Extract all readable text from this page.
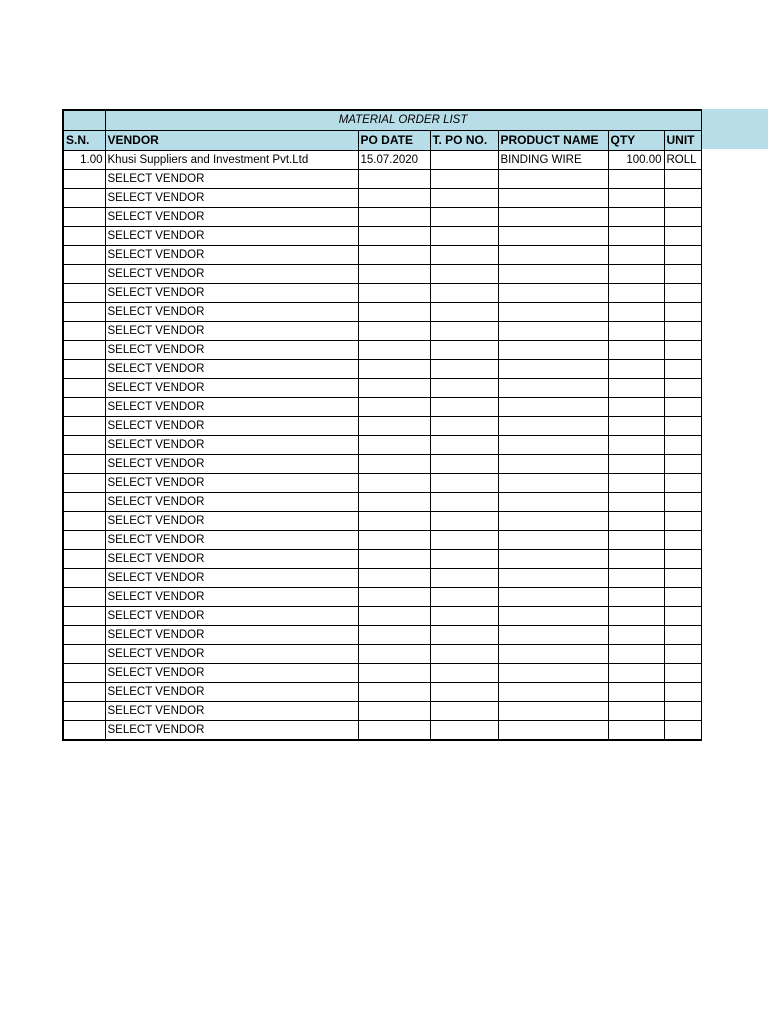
	MATERIAL ORDER LIST					
S.N.	VENDOR	PO DATE	T. PO NO.	PRODUCT NAME	QTY	UNIT
1.00	Khusi Suppliers and Investment Pvt.Ltd	15.07.2020		BINDING WIRE	100.00	ROLL
	SELECT VENDOR					
	SELECT VENDOR					
	SELECT VENDOR					
	SELECT VENDOR					
	SELECT VENDOR					
	SELECT VENDOR					
	SELECT VENDOR					
	SELECT VENDOR					
	SELECT VENDOR					
	SELECT VENDOR					
	SELECT VENDOR					
	SELECT VENDOR					
	SELECT VENDOR					
	SELECT VENDOR					
	SELECT VENDOR					
	SELECT VENDOR					
	SELECT VENDOR					
	SELECT VENDOR					
	SELECT VENDOR					
	SELECT VENDOR					
	SELECT VENDOR					
	SELECT VENDOR					
	SELECT VENDOR					
	SELECT VENDOR					
	SELECT VENDOR					
	SELECT VENDOR					
	SELECT VENDOR					
	SELECT VENDOR					
	SELECT VENDOR					
	SELECT VENDOR					
